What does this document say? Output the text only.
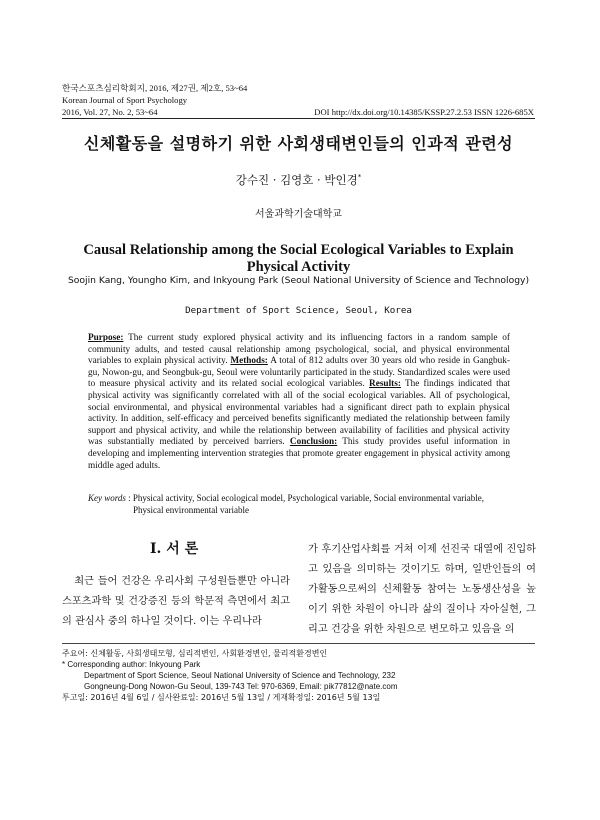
한국스포츠심리학회지, 2016, 제27권, 제2호, 53~64
Korean Journal of Sport Psychology
2016, Vol. 27, No. 2, 53~64	DOI http://dx.doi.org/10.14385/KSSP.27.2.53 ISSN 1226-685X
신체활동을 설명하기 위한 사회생태변인들의 인과적 관련성
강수진 · 김영호 · 박인경*
서울과학기술대학교
Causal Relationship among the Social Ecological Variables to Explain Physical Activity
Soojin Kang, Youngho Kim, and Inkyoung Park (Seoul National University of Science and Technology)
Department of Sport Science, Seoul, Korea
Purpose: The current study explored physical activity and its influencing factors in a random sample of community adults, and tested causal relationship among psychological, social, and physical environmental variables to explain physical activity. Methods: A total of 812 adults over 30 years old who reside in Gangbuk-gu, Nowon-gu, and Seongbuk-gu, Seoul were voluntarily participated in the study. Standardized scales were used to measure physical activity and its related social ecological variables. Results: The findings indicated that physical activity was significantly correlated with all of the social ecological variables. All of psychological, social environmental, and physical environmental variables had a significant direct path to explain physical activity. In addition, self-efficacy and perceived benefits significantly mediated the relationship between family support and physical activity, and while the relationship between availability of facilities and physical activity was substantially mediated by perceived barriers. Conclusion: This study provides useful information in developing and implementing intervention strategies that promote greater engagement in physical activity among middle aged adults.
Key words : Physical activity, Social ecological model, Psychological variable, Social environmental variable,
Physical environmental variable
I. 서 론
최근 들어 건강은 우리사회 구성원들뿐만 아니라 스포츠과학 및 건강증진 등의 학문적 측면에서 최고의 관심사 중의 하나일 것이다. 이는 우리나라
가 후기산업사회를 거쳐 이제 선진국 대열에 진입하고 있음을 의미하는 것이기도 하며, 일반인들의 여가활동으로써의 신체활동 참여는 노동생산성을 높이기 위한 차원이 아니라 삶의 질이나 자아실현, 그리고 건강을 위한 차원으로 변모하고 있음을 의
주요어: 신체활동, 사회생태모형, 심리적변인, 사회환경변인, 물리적환경변인
* Corresponding author: Inkyoung Park
Department of Sport Science, Seoul National University of Science and Technology, 232
Gongneung-Dong Nowon-Gu Seoul, 139-743 Tel: 970-6369, Email: pik77812@nate.com
투고일: 2016년 4월 6일 / 심사완료일: 2016년 5월 13일 / 게재확정일: 2016년 5월 13일
